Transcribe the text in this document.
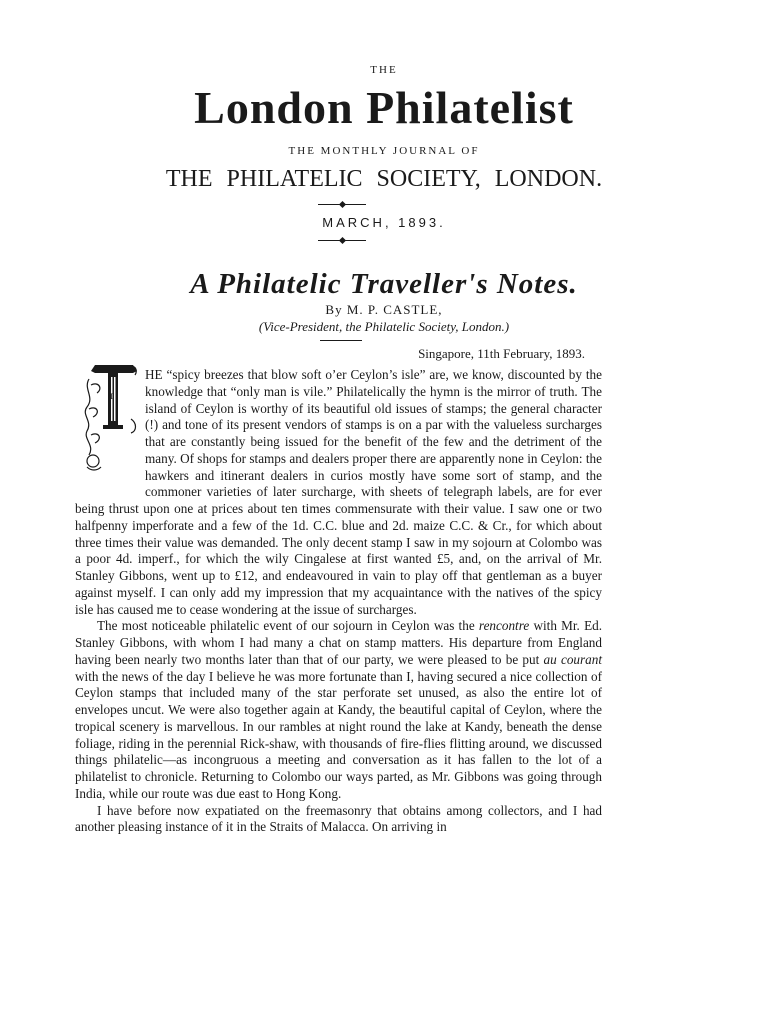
THE
London Philatelist
THE MONTHLY JOURNAL OF
THE PHILATELIC SOCIETY, LONDON.
MARCH, 1893.
A Philatelic Traveller's Notes.
By M. P. CASTLE,
(Vice-President, the Philatelic Society, London.)
Singapore, 11th February, 1893.
T

HE “spicy breezes that blow soft o’er Ceylon’s isle” are, we know, discounted by the knowledge that “only man is vile.” Philatelically the hymn is the mirror of truth. The island of Ceylon is worthy of its beautiful old issues of stamps; the general character (!) and tone of its present vendors of stamps is on a par with the valueless surcharges that are constantly being issued for the benefit of the few and the detriment of the many. Of shops for stamps and dealers proper there are apparently none in Ceylon: the hawkers and itinerant dealers in curios mostly have some sort of stamp, and the commoner varieties of later surcharge, with sheets of telegraph labels, are for ever being thrust upon one at prices about ten times commensurate with their value. I saw one or two halfpenny imperforate and a few of the 1d. C.C. blue and 2d. maize C.C. & Cr., for which about three times their value was demanded. The only decent stamp I saw in my sojourn at Colombo was a poor 4d. imperf., for which the wily Cingalese at first wanted £5, and, on the arrival of Mr. Stanley Gibbons, went up to £12, and endeavoured in vain to play off that gentleman as a buyer against myself. I can only add my impression that my acquaintance with the natives of the spicy isle has caused me to cease wondering at the issue of surcharges.

The most noticeable philatelic event of our sojourn in Ceylon was the rencontre with Mr. Ed. Stanley Gibbons, with whom I had many a chat on stamp matters. His departure from England having been nearly two months later than that of our party, we were pleased to be put au courant with the news of the day I believe he was more fortunate than I, having secured a nice collection of Ceylon stamps that included many of the star perforate set unused, as also the entire lot of envelopes uncut. We were also together again at Kandy, the beautiful capital of Ceylon, where the tropical scenery is marvellous. In our rambles at night round the lake at Kandy, beneath the dense foliage, riding in the perennial Rick-shaw, with thousands of fire-flies flitting around, we discussed things philatelic—as incongruous a meeting and conversation as it has fallen to the lot of a philatelist to chronicle. Returning to Colombo our ways parted, as Mr. Gibbons was going through India, while our route was due east to Hong Kong.

I have before now expatiated on the freemasonry that obtains among collectors, and I had another pleasing instance of it in the Straits of Malacca. On arriving in
